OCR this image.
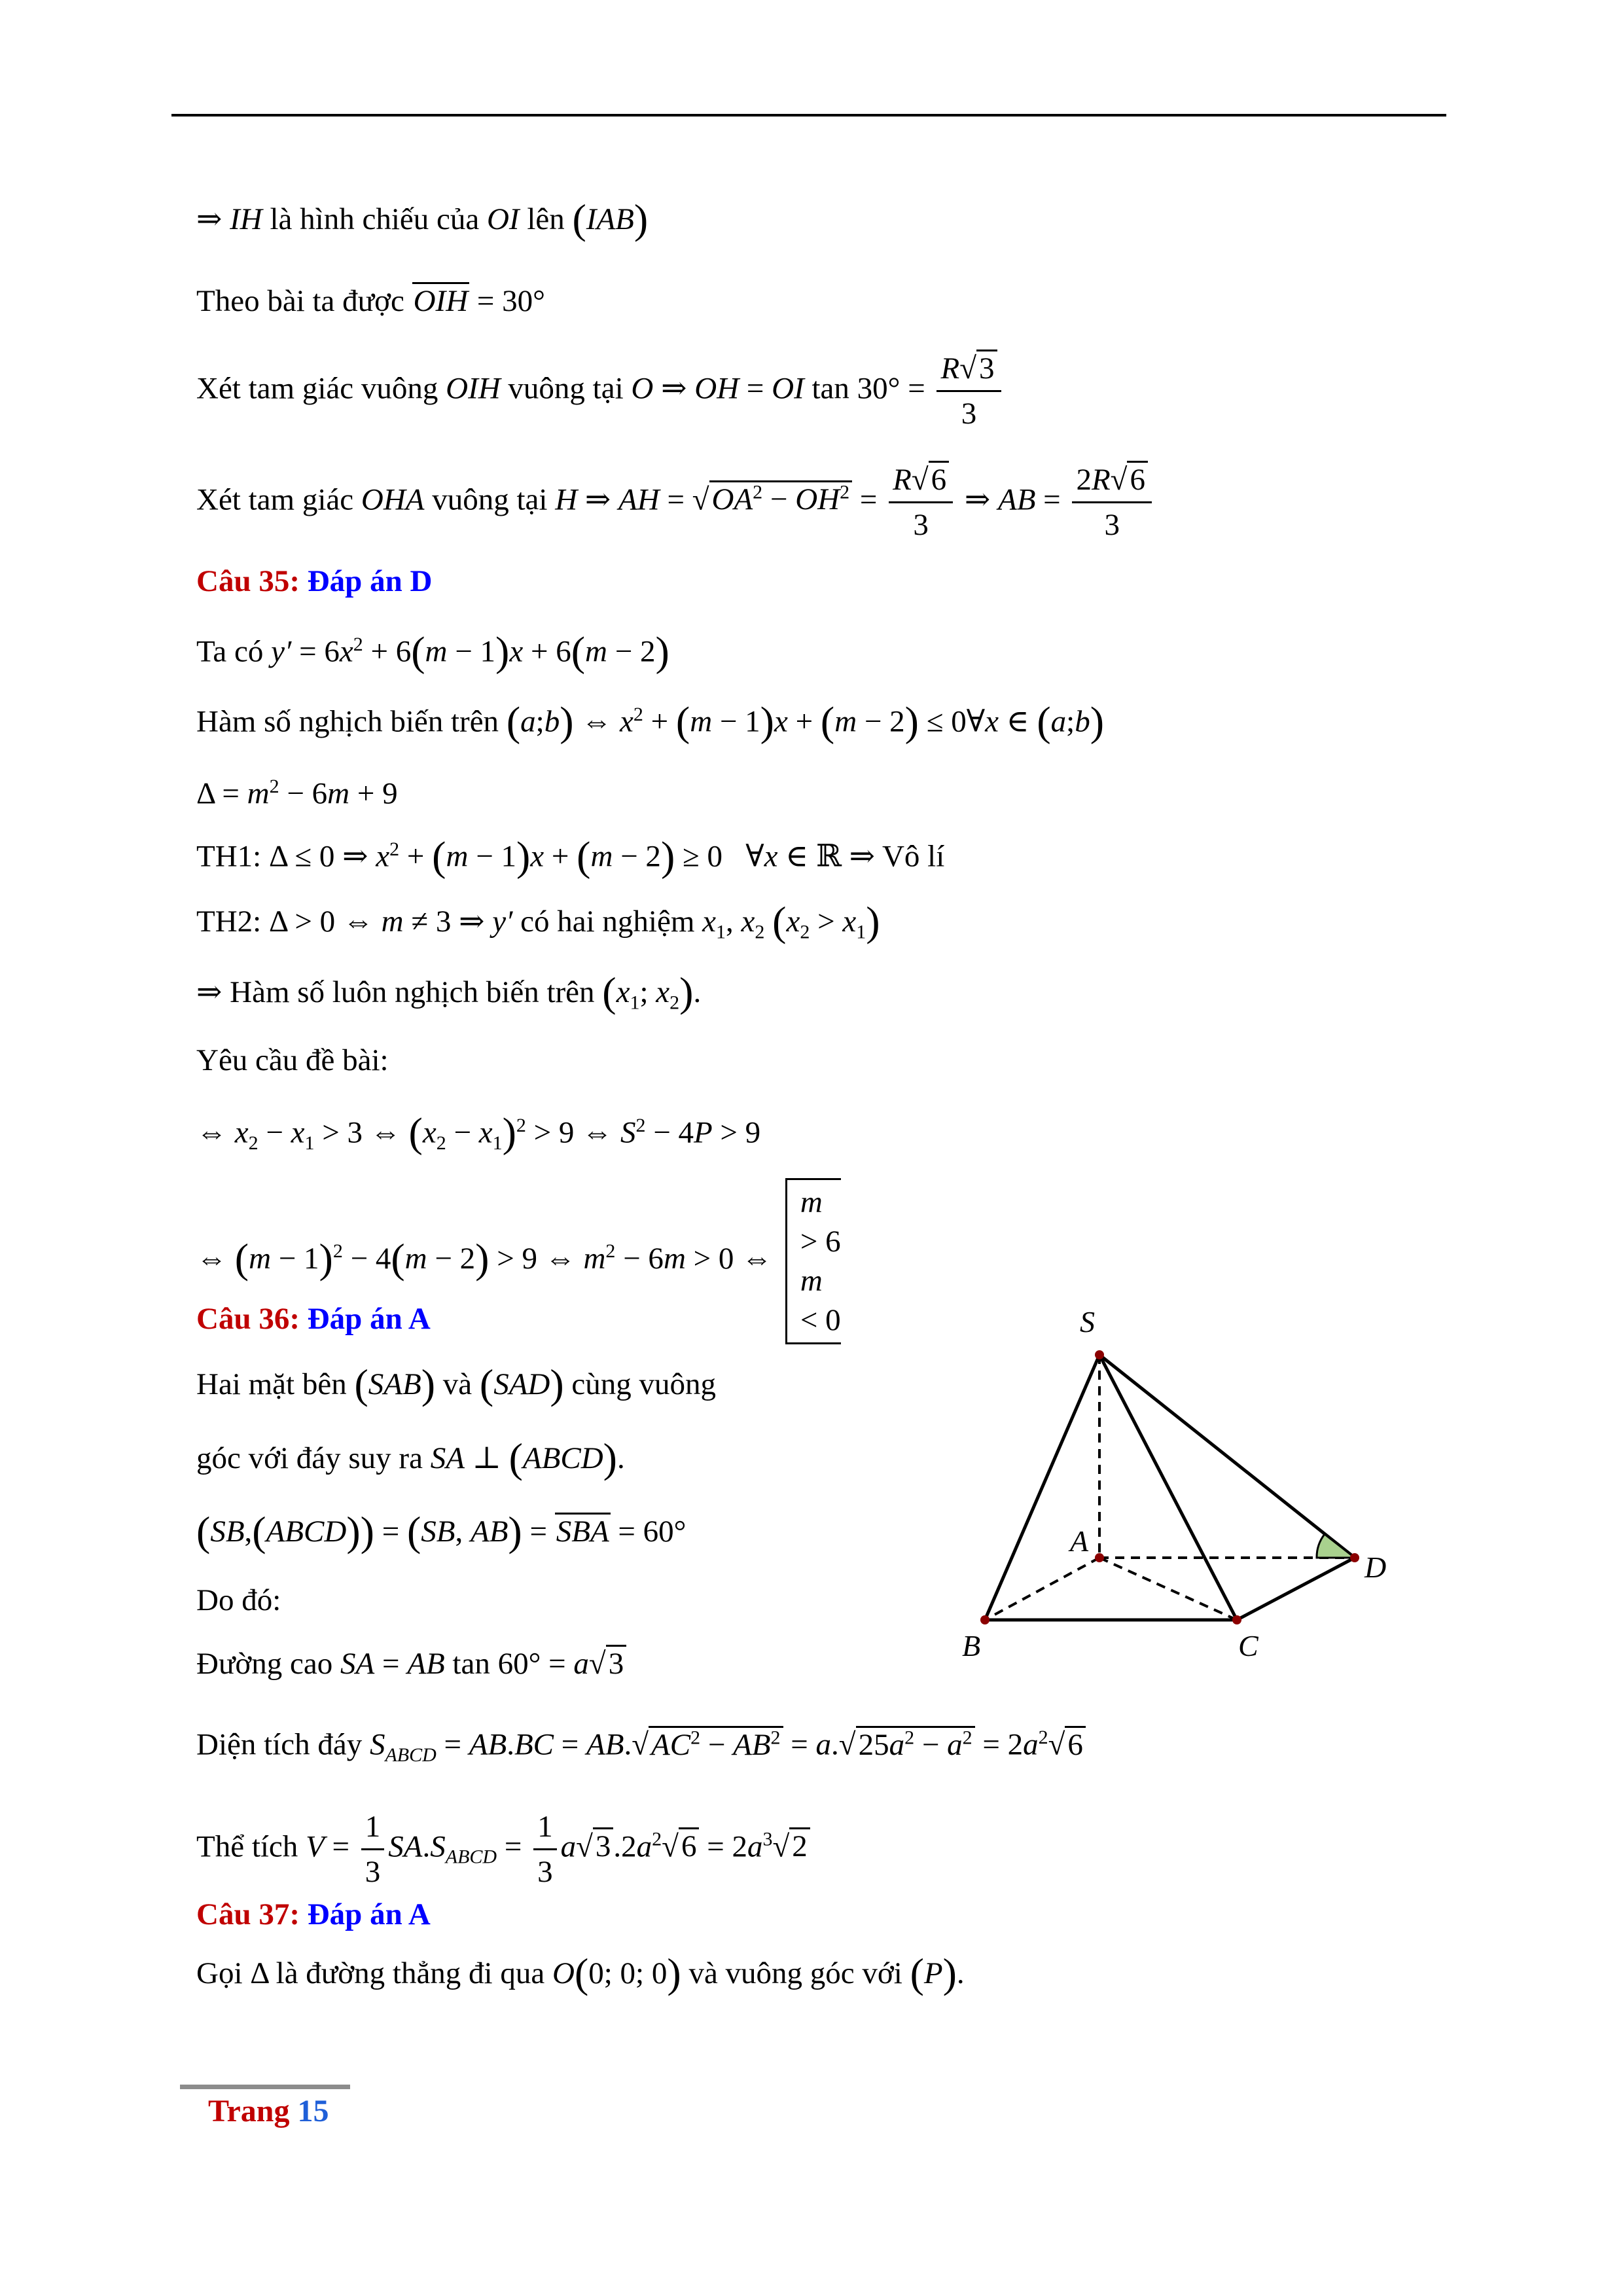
⇒ IH là hình chiếu của OI lên (IAB)
Theo bài ta được OIH = 30°
Xét tam giác vuông OIH vuông tại O ⇒ OH = OI $\tan 30^\circ = \frac{R√3}{3}$
Xét tam giác OHA vuông tại H ⇒ AH = $√OA^2 - OH^2 = \frac{R√6}{3}$ ⇒ AB = $\frac{2R√6}{3}$
Câu 35: Đáp án D
Ta có $y' = 6x^2 + 6(m - 1)x + 6(m - 2)$
Hàm số nghịch biến trên (a;b) ⇔ $x^2 + (m - 1)x + (m - 2)$ ≤ 0∀x ∈ (a;b)
$\Delta = m^2 - 6m + 9$
TH1: Δ ≤ 0 ⇒ $x^2 + (m - 1)x + (m - 2) \ge 0$   ∀x ∈ ℝ ⇒ Vô lí
TH2: Δ > 0 ⇔ m ≠ 3 ⇒ y′ có hai nghiệm $x_1$, $x_2$ $(x_2 > x_1)$
⇒ Hàm số luôn nghịch biến trên ($x_1$; $x_2$).
Yêu cầu đề bài:
⇔ $x_2 - x_1 > 3$ ⇔ $(x_2 - x_1)^2 > 9$ ⇔ $S^2 - 4P > 9$
⇔ $(m - 1)^2 - 4(m - 2) > 9$ ⇔ $m^2 - 6m > 0$ ⇔
m
> 6
m
< 0
Câu 36: Đáp án A
Hai mặt bên (SAB) và (SAD) cùng vuông
góc với đáy suy ra SA ⊥ (ABCD).
(SB,(ABCD)) = (SB, AB) = SBA = 60°
Do đó:
Đường cao SA = AB tan 60° = a√3
Diện tích đáy $S_{ABCD} = AB.BC = AB.√AC^2 - AB^2 = a.√25a^2 - a^2 = 2a^2√6$
Thể tích $V = \frac{1}{3} SA.S_{ABCD} = \frac{1}{3} a√3.2a^2√6 = 2a^3√2$
Câu 37: Đáp án A
Gọi Δ là đường thẳng đi qua O(0; 0; 0) và vuông góc với (P).
S
A
B	C
D
Trang 15
